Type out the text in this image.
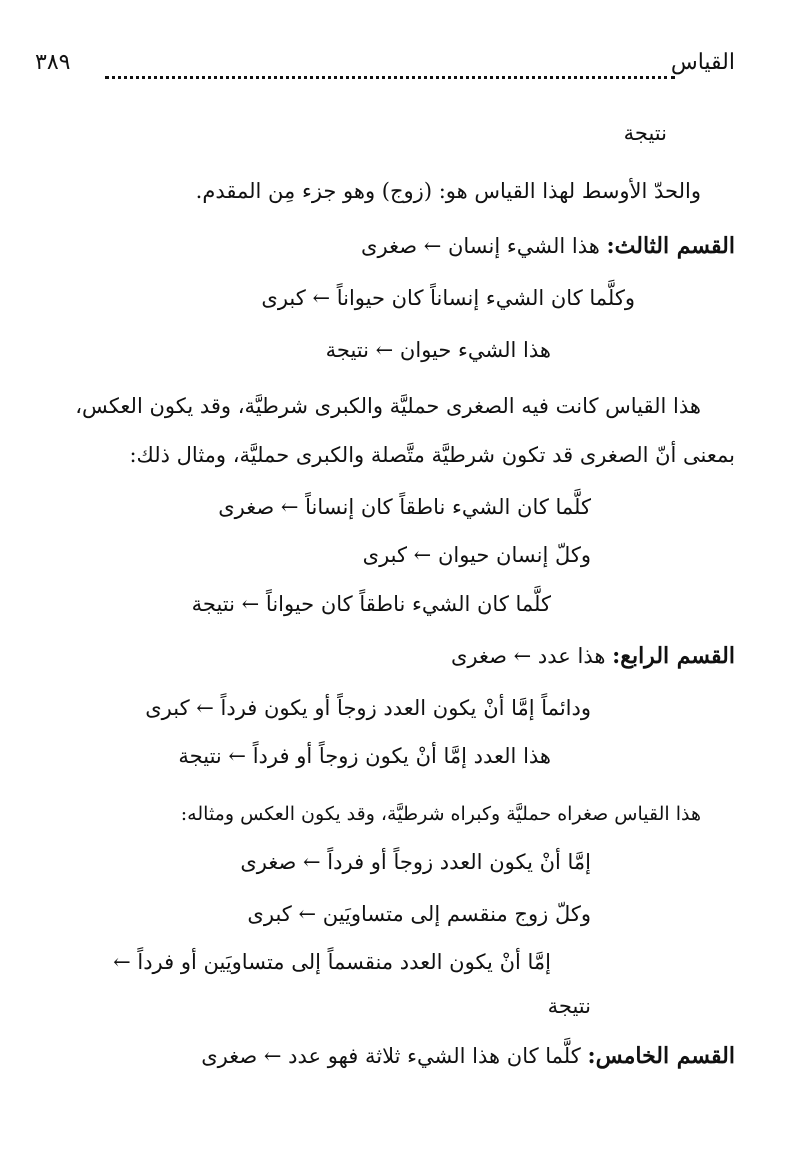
٣٨٩	القياس
نتيجة
والحدّ الأوسط لهذا القياس هو: (زوج) وهو جزء مِن المقدم.
القسم الثالث: هذا الشيء إنسان ← صغرى
وكلَّما كان الشيء إنساناً كان حيواناً ← كبرى
هذا الشيء حيوان ← نتيجة
هذا القياس كانت فيه الصغرى حمليَّة والكبرى شرطيَّة، وقد يكون العكس،
بمعنى أنّ الصغرى قد تكون شرطيَّة متَّصلة والكبرى حمليَّة، ومثال ذلك:
كلَّما كان الشيء ناطقاً كان إنساناً ← صغرى
وكلّ إنسان حيوان ← كبرى
كلَّما كان الشيء ناطقاً كان حيواناً ← نتيجة
القسم الرابع: هذا عدد ← صغرى
ودائماً إمَّا أنْ يكون العدد زوجاً أو يكون فرداً ← كبرى
هذا العدد إمَّا أنْ يكون زوجاً أو فرداً ← نتيجة
هذا القياس صغراه حمليَّة وكبراه شرطيَّة، وقد يكون العكس ومثاله:
إمَّا أنْ يكون العدد زوجاً أو فرداً ← صغرى
وكلّ زوج منقسم إلى متساويَين ← كبرى
إمَّا أنْ يكون العدد منقسماً إلى متساويَين أو فرداً ←
نتيجة
القسم الخامس: كلَّما كان هذا الشيء ثلاثة فهو عدد ← صغرى
